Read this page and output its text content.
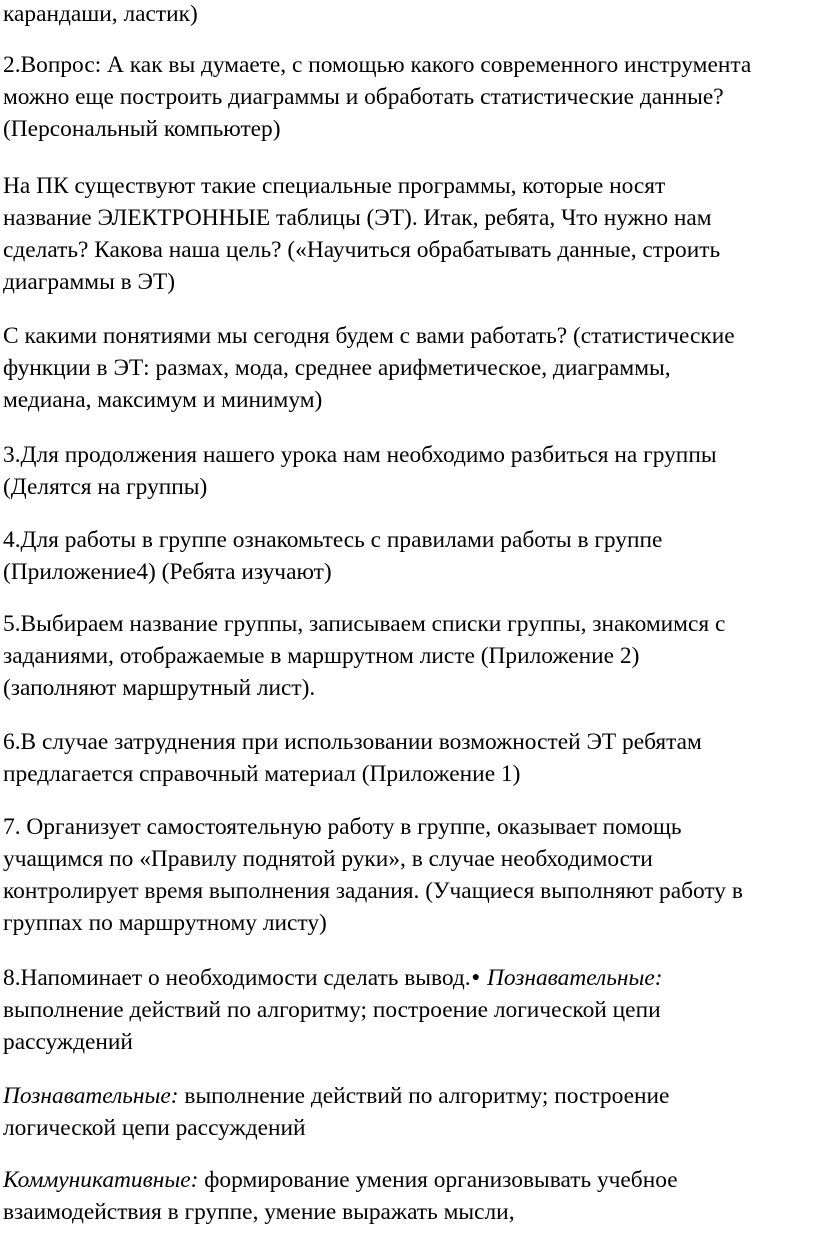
карандаши, ластик)

2.Вопрос: А как вы думаете, с помощью какого современного инструмента
можно еще построить диаграммы и обработать статистические данные?
(Персональный компьютер)

На ПК существуют такие специальные программы, которые носят
название ЭЛЕКТРОННЫЕ таблицы (ЭТ). Итак, ребята, Что нужно нам
сделать? Какова наша цель? («Научиться обрабатывать данные, строить
диаграммы в ЭТ)

С какими понятиями мы сегодня будем с вами работать? (статистические
функции в ЭТ: размах, мода, среднее арифметическое, диаграммы,
медиана, максимум и минимум)

3.Для продолжения нашего урока нам необходимо разбиться на группы
(Делятся на группы)

4.Для работы в группе ознакомьтесь с правилами работы в группе
(Приложение4) (Ребята изучают)

5.Выбираем название группы, записываем списки группы, знакомимся с
заданиями, отображаемые в маршрутном листе (Приложение 2)
(заполняют маршрутный лист).

6.В случае затруднения при использовании возможностей ЭТ ребятам
предлагается справочный материал (Приложение 1)

7. Организует самостоятельную работу в группе, оказывает помощь
учащимся по «Правилу поднятой руки», в случае необходимости
контролирует время выполнения задания. (Учащиеся выполняют работу в
группах по маршрутному листу)

8.Напоминает о необходимости сделать вывод.● Познавательные:
выполнение действий по алгоритму; построение логической цепи
рассуждений

Познавательные: выполнение действий по алгоритму; построение
логической цепи рассуждений

Коммуникативные: формирование умения организовывать учебное
взаимодействия в группе, умение выражать мысли,
